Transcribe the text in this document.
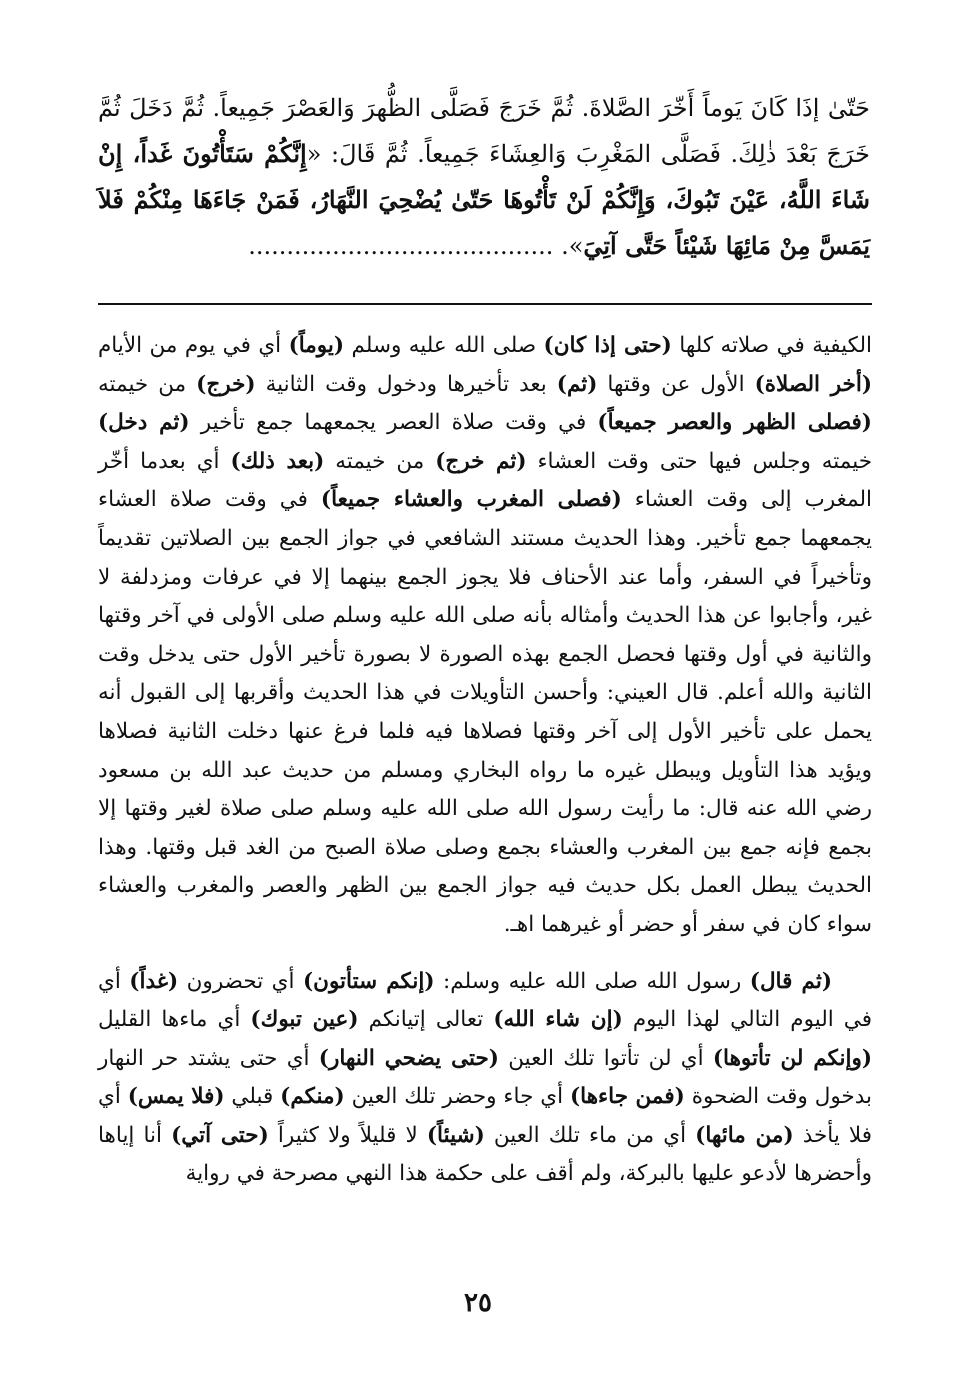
حَتّىٰ إذَا كَانَ يَوماً أَخّرَ الصَّلاةَ. ثُمَّ خَرَجَ فَصَلَّى الظُّهرَ وَالعَصْرَ جَمِيعاً. ثُمَّ دَخَلَ ثُمَّ خَرَجَ بَعْدَ ذٰلِكَ. فَصَلَّى المَغْرِبَ وَالعِشَاءَ جَمِيعاً. ثُمَّ قَالَ: «إِنَّكُمْ سَتَأْتُونَ غَداً، إِنْ شَاءَ اللَّهُ، عَيْنَ تَبُوكَ، وَإِنَّكُمْ لَنْ تَأْتُوهَا حَتّىٰ يُضْحِيَ النَّهَارُ، فَمَنْ جَاءَهَا مِنْكُمْ فَلاَ يَمَسَّ مِنْ مَائِهَا شَيْئاً حَتَّى آتِيَ». ........................................

الكيفية في صلاته كلها (حتى إذا كان) صلى الله عليه وسلم (يوماً) أي في يوم من الأيام (أخر الصلاة) الأول عن وقتها (ثم) بعد تأخيرها ودخول وقت الثانية (خرج) من خيمته (فصلى الظهر والعصر جميعاً) في وقت صلاة العصر يجمعهما جمع تأخير (ثم دخل) خيمته وجلس فيها حتى وقت العشاء (ثم خرج) من خيمته (بعد ذلك) أي بعدما أخّر المغرب إلى وقت العشاء (فصلى المغرب والعشاء جميعاً) في وقت صلاة العشاء يجمعهما جمع تأخير. وهذا الحديث مستند الشافعي في جواز الجمع بين الصلاتين تقديماً وتأخيراً في السفر، وأما عند الأحناف فلا يجوز الجمع بينهما إلا في عرفات ومزدلفة لا غير، وأجابوا عن هذا الحديث وأمثاله بأنه صلى الله عليه وسلم صلى الأولى في آخر وقتها والثانية في أول وقتها فحصل الجمع بهذه الصورة لا بصورة تأخير الأول حتى يدخل وقت الثانية والله أعلم. قال العيني: وأحسن التأويلات في هذا الحديث وأقربها إلى القبول أنه يحمل على تأخير الأول إلى آخر وقتها فصلاها فيه فلما فرغ عنها دخلت الثانية فصلاها ويؤيد هذا التأويل ويبطل غيره ما رواه البخاري ومسلم من حديث عبد الله بن مسعود رضي الله عنه قال: ما رأيت رسول الله صلى الله عليه وسلم صلى صلاة لغير وقتها إلا بجمع فإنه جمع بين المغرب والعشاء بجمع وصلى صلاة الصبح من الغد قبل وقتها. وهذا الحديث يبطل العمل بكل حديث فيه جواز الجمع بين الظهر والعصر والمغرب والعشاء سواء كان في سفر أو حضر أو غيرهما اهـ.

(ثم قال) رسول الله صلى الله عليه وسلم: (إنكم ستأتون) أي تحضرون (غداً) أي في اليوم التالي لهذا اليوم (إن شاء الله) تعالى إتيانكم (عين تبوك) أي ماءها القليل (وإنكم لن تأتوها) أي لن تأتوا تلك العين (حتى يضحي النهار) أي حتى يشتد حر النهار بدخول وقت الضحوة (فمن جاءها) أي جاء وحضر تلك العين (منكم) قبلي (فلا يمس) أي فلا يأخذ (من مائها) أي من ماء تلك العين (شيئاً) لا قليلاً ولا كثيراً (حتى آتي) أنا إياها وأحضرها لأدعو عليها بالبركة، ولم أقف على حكمة هذا النهي مصرحة في رواية

٢٥
